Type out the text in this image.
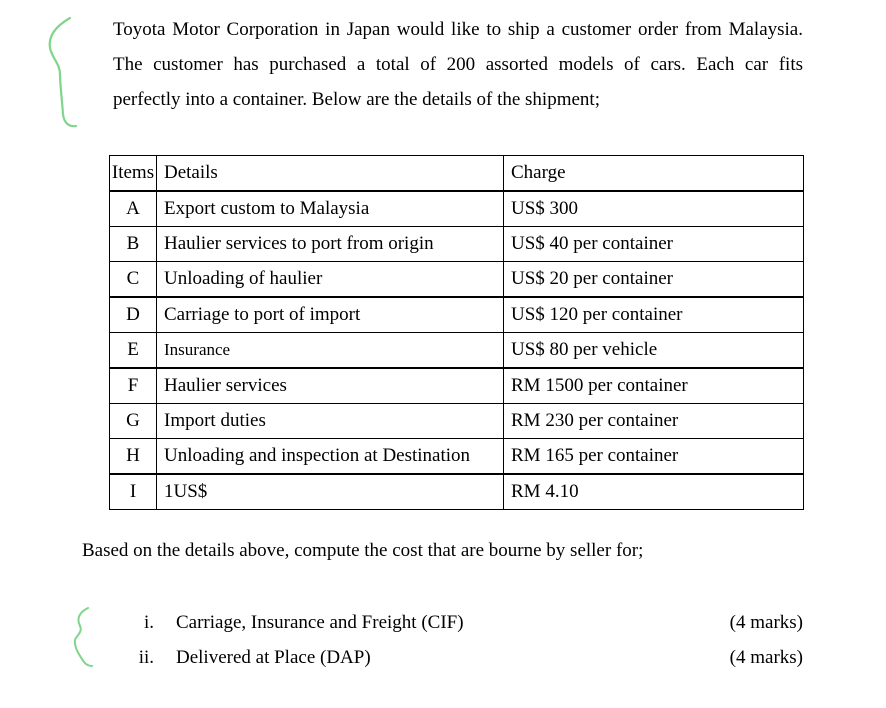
Toyota Motor Corporation in Japan would like to ship a customer order from Malaysia.
The customer has purchased a total of 200 assorted models of cars. Each car fits
perfectly into a container. Below are the details of the shipment;
Items	Details	Charge
A	Export custom to Malaysia	US$ 300
B	Haulier services to port from origin	US$ 40 per container
C	Unloading of haulier	US$ 20 per container
D	Carriage to port of import	US$ 120 per container
E	Insurance	US$ 80 per vehicle
F	Haulier services	RM 1500 per container
G	Import duties	RM 230 per container
H	Unloading and inspection at Destination	RM 165 per container
I	1US$	RM 4.10
Based on the details above, compute the cost that are bourne by seller for;
i. Carriage, Insurance and Freight (CIF)	(4 marks)
ii. Delivered at Place (DAP)	(4 marks)
